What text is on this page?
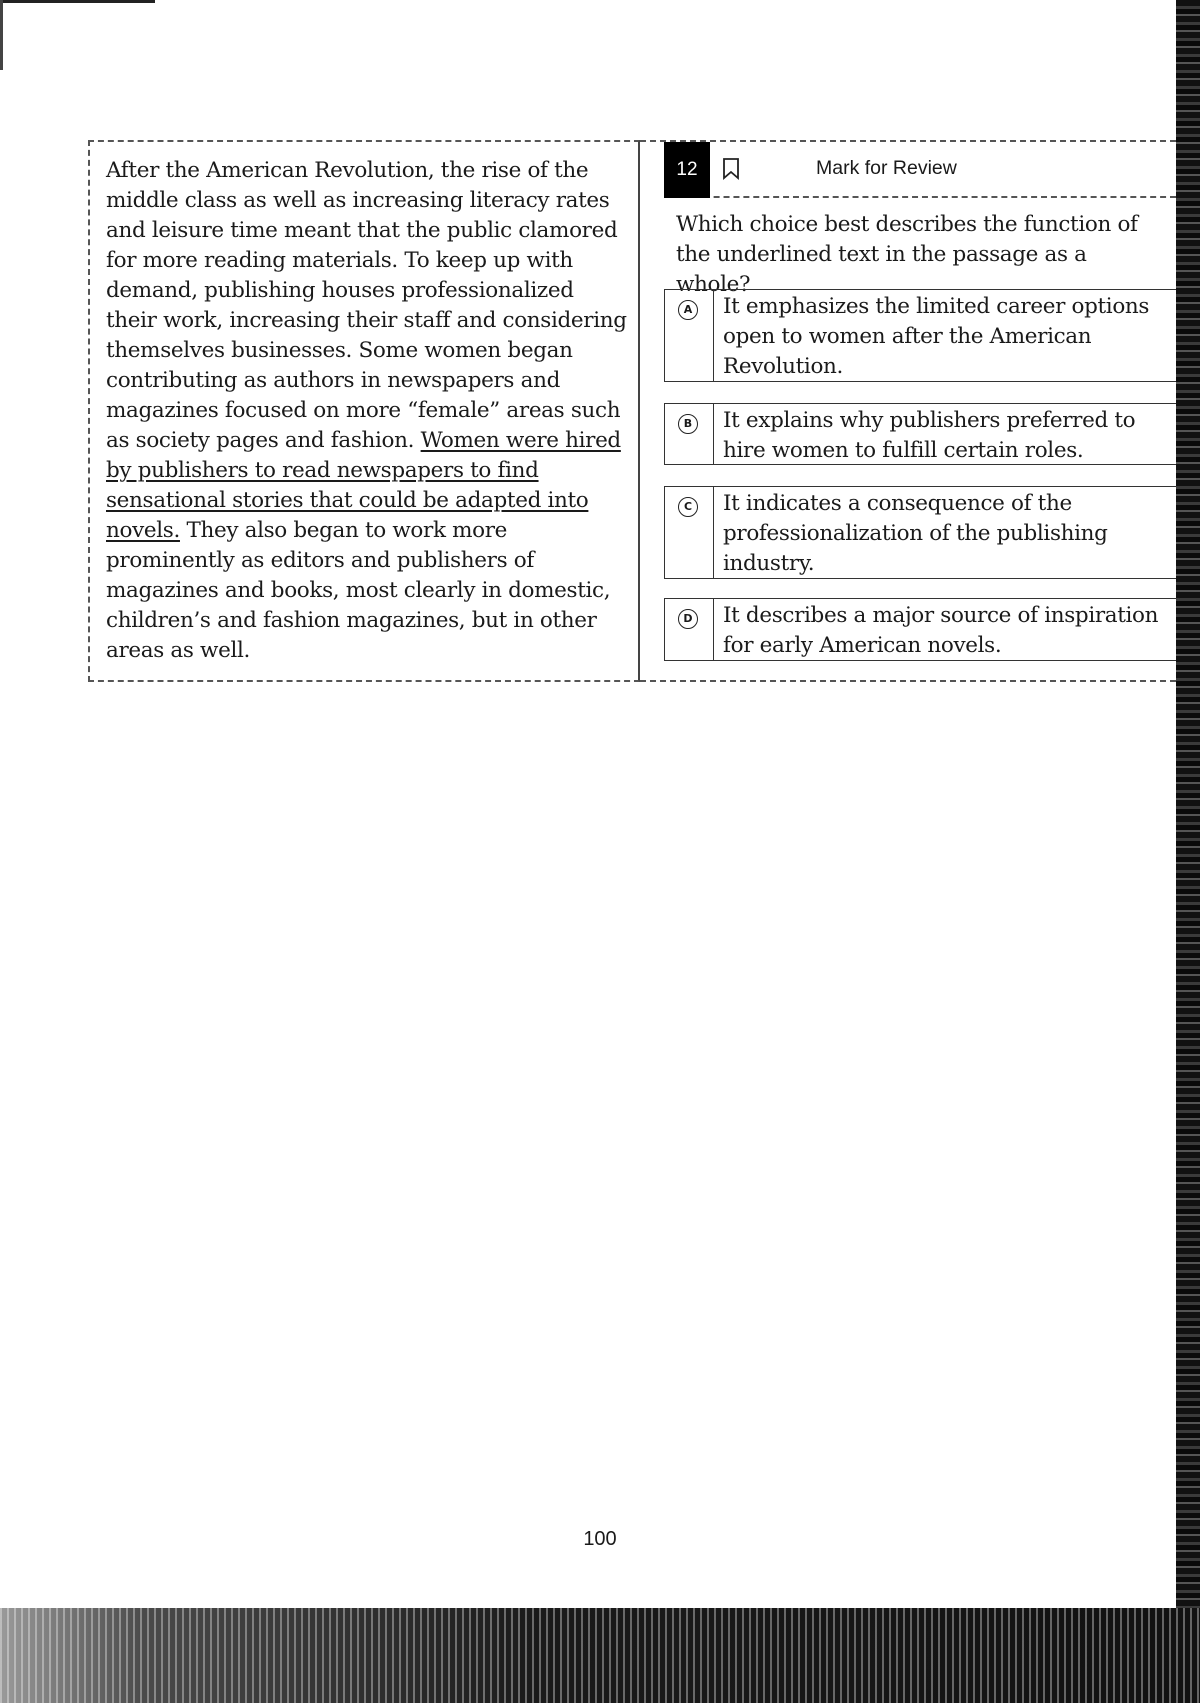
After the American Revolution, the rise of the middle class as well as increasing literacy rates and leisure time meant that the public clamored for more reading materials. To keep up with demand, publishing houses professionalized their work, increasing their staff and considering themselves businesses. Some women began contributing as authors in newspapers and magazines focused on more “female” areas such as society pages and fashion. Women were hired by publishers to read newspapers to find sensational stories that could be adapted into novels. They also began to work more prominently as editors and publishers of magazines and books, most clearly in domestic, children’s and fashion magazines, but in other areas as well.

12	Mark for Review

Which choice best describes the function of the underlined text in the passage as a whole?

A It emphasizes the limited career options open to women after the American Revolution.

B It explains why publishers preferred to hire women to fulfill certain roles.

C It indicates a consequence of the professionalization of the publishing industry.

D It describes a major source of inspiration for early American novels.

100
